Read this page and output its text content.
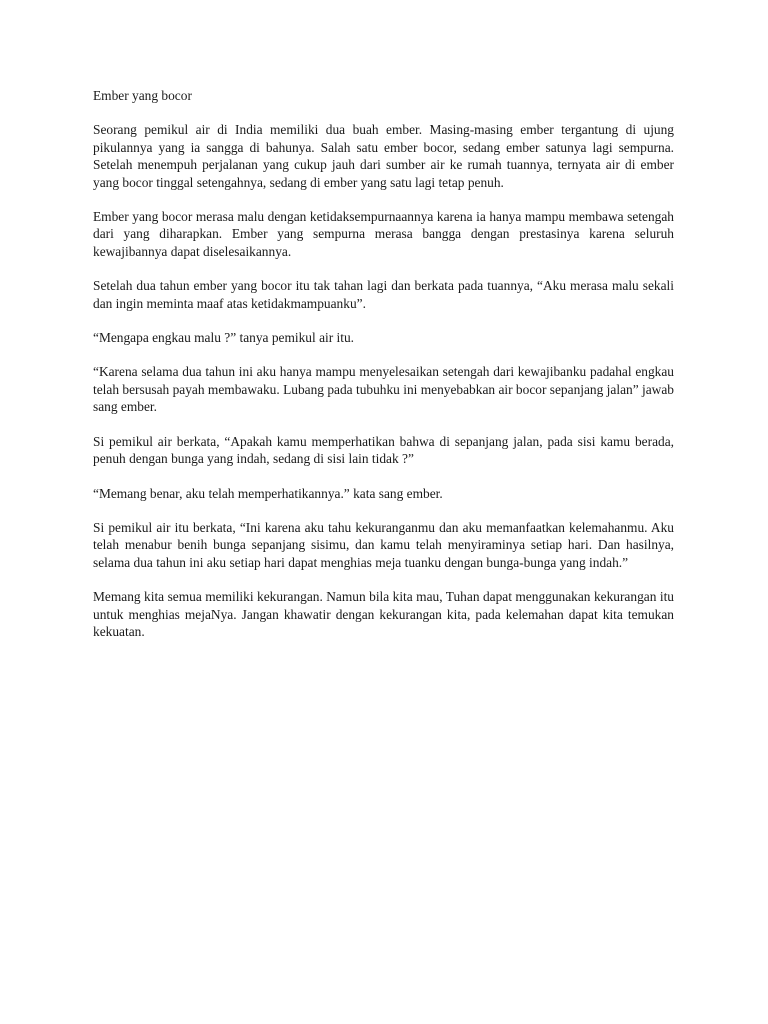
Ember yang bocor

Seorang pemikul air di India memiliki dua buah ember. Masing-masing ember tergantung di ujung pikulannya yang ia sangga di bahunya. Salah satu ember bocor, sedang ember satunya lagi sempurna. Setelah menempuh perjalanan yang cukup jauh dari sumber air ke rumah tuannya, ternyata air di ember yang bocor tinggal setengahnya, sedang di ember yang satu lagi tetap penuh.

Ember yang bocor merasa malu dengan ketidaksempurnaannya karena ia hanya mampu membawa setengah dari yang diharapkan. Ember yang sempurna merasa bangga dengan prestasinya karena seluruh kewajibannya dapat diselesaikannya.

Setelah dua tahun ember yang bocor itu tak tahan lagi dan berkata pada tuannya, “Aku merasa malu sekali dan ingin meminta maaf atas ketidakmampuanku”.

“Mengapa engkau malu ?” tanya pemikul air itu.

“Karena selama dua tahun ini aku hanya mampu menyelesaikan setengah dari kewajibanku padahal engkau telah bersusah payah membawaku. Lubang pada tubuhku ini menyebabkan air bocor sepanjang jalan” jawab sang ember.

Si pemikul air berkata, “Apakah kamu memperhatikan bahwa di sepanjang jalan, pada sisi kamu berada, penuh dengan bunga yang indah, sedang di sisi lain tidak ?”

“Memang benar, aku telah memperhatikannya.” kata sang ember.

Si pemikul air itu berkata, “Ini karena aku tahu kekuranganmu dan aku memanfaatkan kelemahanmu. Aku telah menabur benih bunga sepanjang sisimu, dan kamu telah menyiraminya setiap hari. Dan hasilnya, selama dua tahun ini aku setiap hari dapat menghias meja tuanku dengan bunga-bunga yang indah.”

Memang kita semua memiliki kekurangan. Namun bila kita mau, Tuhan dapat menggunakan kekurangan itu untuk menghias mejaNya. Jangan khawatir dengan kekurangan kita, pada kelemahan dapat kita temukan kekuatan.
